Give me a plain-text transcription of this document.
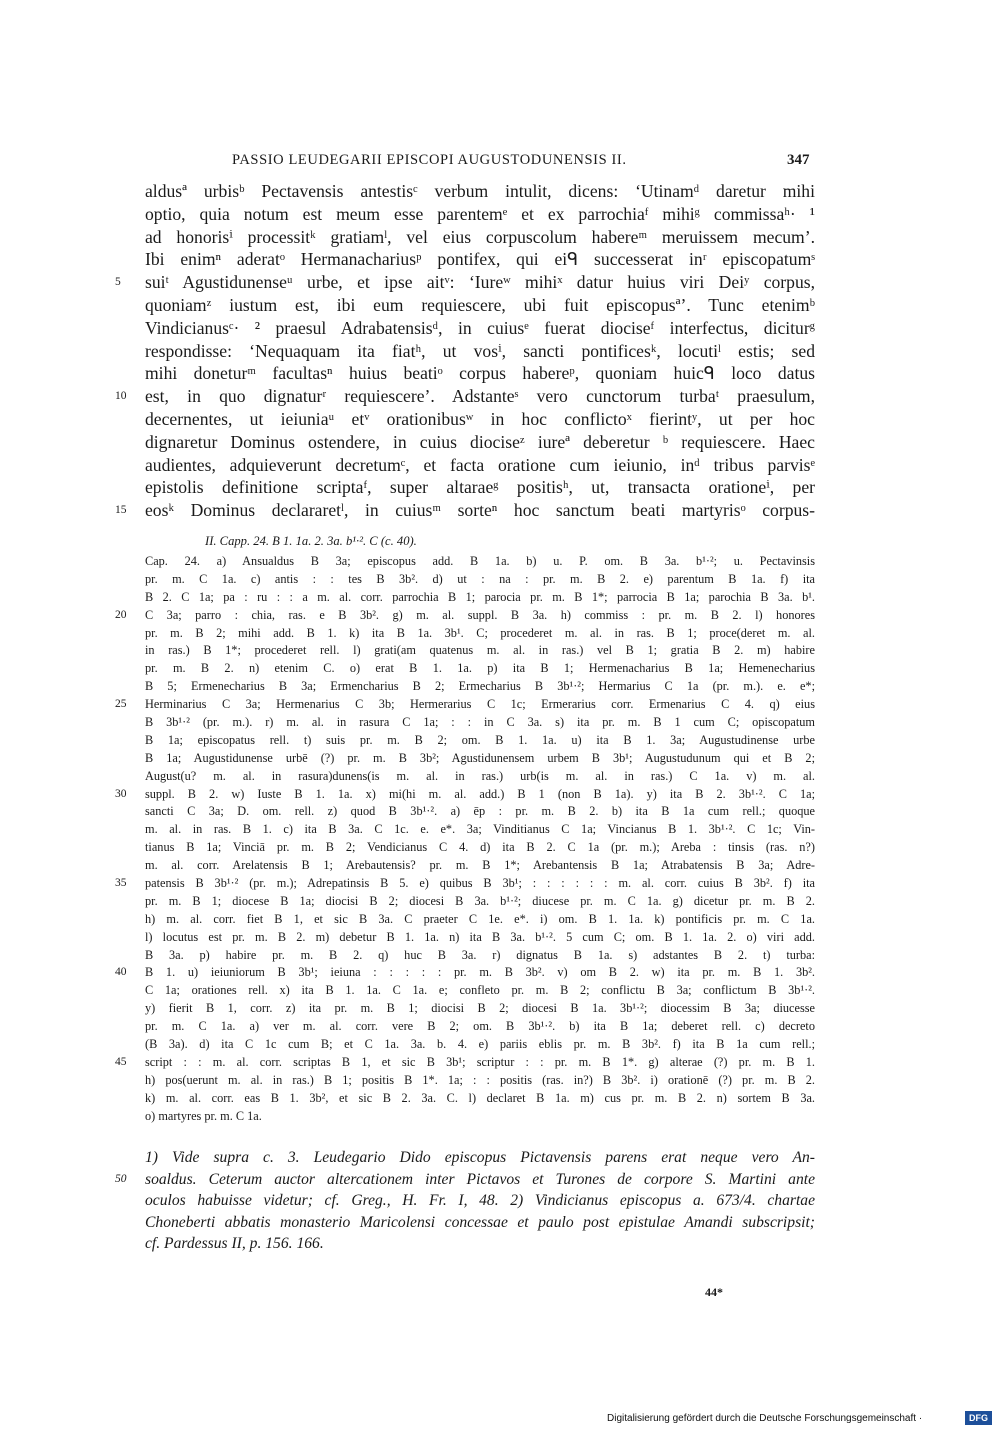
PASSIO LEUDEGARII EPISCOPI AUGUSTODUNENSIS II.	347
aldusª urbisᵇ Pectavensis antestisᶜ verbum intulit, dicens: ‘Utinamᵈ daretur mihi
optio, quia notum est meum esse parentemᵉ et ex parrochiaᶠ mihiᵍ commissaʰ· ¹
ad honorisⁱ processitᵏ gratiamˡ, vel eius corpuscolum habereᵐ meruissem mecum’.
Ibi enimⁿ aderatᵒ Hermanachariusᵖ pontifex, qui eiᑫ successerat inʳ episcopatumˢ
5	suiᵗ Agustidunenseᵘ urbe, et ipse aitᵛ: ‘Iureʷ mihiˣ datur huius viri Deiʸ corpus,
quoniamᶻ iustum est, ibi eum requiescere, ubi fuit episcopusª’. Tunc etenimᵇ
Vindicianusᶜ· ² praesul Adrabatensisᵈ, in cuiusᵉ fuerat dioсiseᶠ interfectus, diciturᵍ
respondisse: ‘Nequaquam ita fiatʰ, ut vosⁱ, sancti pontificesᵏ, locutiˡ estis; sed
mihi doneturᵐ facultasⁿ huius beatiᵒ corpus habereᵖ, quoniam huicᑫ loco datus
10	est, in quo dignaturʳ requiescere’. Adstanteˢ vero cunctorum turbaᵗ praesulum,
decernentes, ut ieiuniaᵘ etᵛ orationibusʷ in hoc conflictoˣ fierintʸ, ut per hoc
dignaretur Dominus ostendere, in cuius diociseᶻ iureª deberetur ᵇ requiescere. Haec
audientes, adquieverunt decretumᶜ, et facta oratione cum ieiunio, inᵈ tribus parvisᵉ
epistolis definitione scriptaᶠ, super altaraeᵍ positisʰ, ut, transacta orationeⁱ, per
15	eosᵏ Dominus declararetˡ, in cuiusᵐ sorteⁿ hoc sanctum beati martyrisᵒ corpus-
II. Capp. 24. B 1. 1a. 2. 3a. b¹·². C (c. 40).
Cap. 24. a) Ansualdus B 3a; episcopus add. B 1a. b) u. P. om. B 3a. b¹·²; u. Pectavinsis
pr. m. C 1a. c) antis : : tes B 3b². d) ut : na : pr. m. B 2. e) parentum B 1a. f) ita
B 2. C 1a; pa : ru : : a m. al. corr. parrochia B 1; parocia pr. m. B 1*; parrocia B 1a; parochia B 3a. b¹.
20	C 3a; parro : chia, ras. e B 3b². g) m. al. suppl. B 3a. h) commiss : pr. m. B 2. l) honores
pr. m. B 2; mihi add. B 1. k) ita B 1a. 3b¹. C; procederet m. al. in ras. B 1; proce(deret m. al.
in ras.) B 1*; procederet rell. l) grati(am quatenus m. al. in ras.) vel B 1; gratia B 2. m) habire
pr. m. B 2. n) etenim C. o) erat B 1. 1a. p) ita B 1; Hermenacharius B 1a; Hemenecharius
B 5; Ermenecharius B 3a; Ermencharius B 2; Ermecharius B 3b¹·²; Hermarius C 1a (pr. m.). e. e*;
25	Herminarius C 3a; Hermenarius C 3b; Hermerarius C 1c; Ermerarius corr. Ermenarius C 4. q) eius
B 3b¹·² (pr. m.). r) m. al. in rasura C 1a; : : in C 3a. s) ita pr. m. B 1 cum C; opiscopatum
B 1a; episcopatus rell. t) suis pr. m. B 2; om. B 1. 1a. u) ita B 1. 3a; Augustudinense urbe
B 1a; Augustidunense urbē (?) pr. m. B 3b²; Agustidunensem urbem B 3b¹; Augustudunum qui et B 2;
August(u? m. al. in rasura)dunens(is m. al. in ras.) urb(is m. al. in ras.) C 1a. v) m. al.
30	suppl. B 2. w) Iuste B 1. 1a. x) mi(hi m. al. add.) B 1 (non B 1a). y) ita B 2. 3b¹·². C 1a;
sancti C 3a; D. om. rell. z) quod B 3b¹·². a) ēp : pr. m. B 2. b) ita B 1a cum rell.; quoque
m. al. in ras. B 1. c) ita B 3a. C 1c. e. e*. 3a; Vinditianus C 1a; Vincianus B 1. 3b¹·². C 1c; Vin-
tianus B 1a; Vinciā pr. m. B 2; Vendicianus C 4. d) ita B 2. C 1a (pr. m.); Areba : tinsis (ras. n?)
m. al. corr. Arelatensis B 1; Arebautensis? pr. m. B 1*; Arebantensis B 1a; Atrabatensis B 3a; Adre-
35	patensis B 3b¹·² (pr. m.); Adrepatinsis B 5. e) quibus B 3b¹; : : : : : : m. al. corr. cuius B 3b². f) ita
pr. m. B 1; diocese B 1a; diocisi B 2; diocesi B 3a. b¹·²; diucese pr. m. C 1a. g) dicetur pr. m. B 2.
h) m. al. corr. fiet B 1, et sic B 3a. C praeter C 1e. e*. i) om. B 1. 1a. k) pontificis pr. m. C 1a.
l) locutus est pr. m. B 2. m) debetur B 1. 1a. n) ita B 3a. b¹·². 5 cum C; om. B 1. 1a. 2. o) viri add.
B 3a. p) habire pr. m. B 2. q) huc B 3a. r) dignatus B 1a. s) adstantes B 2. t) turba:
40	B 1. u) ieiuniorum B 3b¹; ieiuna : : : : : pr. m. B 3b². v) om B 2. w) ita pr. m. B 1. 3b².
C 1a; orationes rell. x) ita B 1. 1a. C 1a. e; confleto pr. m. B 2; conflictu B 3a; conflictum B 3b¹·².
y) fierit B 1, corr. z) ita pr. m. B 1; diocisi B 2; diocesi B 1a. 3b¹·²; diocessim B 3a; diucesse
pr. m. C 1a. a) ver m. al. corr. vere B 2; om. B 3b¹·². b) ita B 1a; deberet rell. c) decreto
(B 3a). d) ita C 1c cum B; et C 1a. 3a. b. 4. e) pariis eblis pr. m. B 3b². f) ita B 1a cum rell.;
45	script : : m. al. corr. scriptas B 1, et sic B 3b¹; scriptur : : pr. m. B 1*. g) alterae (?) pr. m. B 1.
h) pos(uerunt m. al. in ras.) B 1; positis B 1*. 1a; : : positis (ras. in?) B 3b². i) orationē (?) pr. m. B 2.
k) m. al. corr. eas B 1. 3b², et sic B 2. 3a. C. l) declaret B 1a. m) cus pr. m. B 2. n) sortem B 3a.
o) martyres pr. m. C 1a.
1) Vide supra c. 3. Leudegario Dido episcopus Pictavensis parens erat neque vero An-
50	soaldus. Ceterum auctor altercationem inter Pictavos et Turones de corpore S. Martini ante
oculos habuisse videtur; cf. Greg., H. Fr. I, 48. 2) Vindicianus episcopus a. 673/4. chartae
Choneberti abbatis monasterio Maricolensi concessae et paulo post epistulae Amandi subscripsit;
cf. Pardessus II, p. 156. 166.
44*
Digitalisierung gefördert durch die Deutsche Forschungsgemeinschaft ·	DFG
